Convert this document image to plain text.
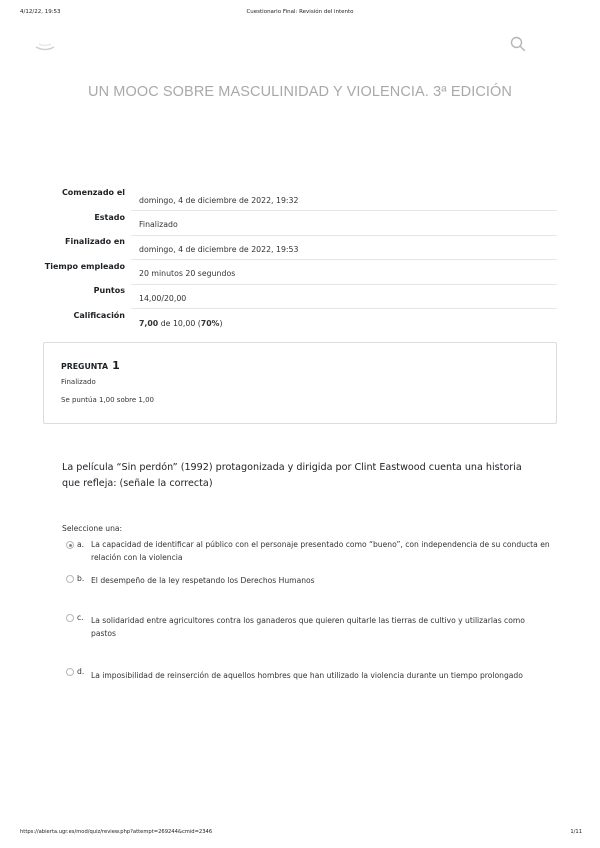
4/12/22, 19:53	Cuestionario Final: Revisión del intento
UN MOOC SOBRE MASCULINIDAD Y VIOLENCIA. 3ª EDICIÓN
Comenzado el	domingo, 4 de diciembre de 2022, 19:32
Estado	Finalizado
Finalizado en	domingo, 4 de diciembre de 2022, 19:53
Tiempo empleado	20 minutos 20 segundos
Puntos	14,00/20,00
Calificación	7,00 de 10,00 (70%)
PREGUNTA 1
Finalizado
Se puntúa 1,00 sobre 1,00
La película “Sin perdón” (1992) protagonizada y dirigida por Clint Eastwood cuenta una historia que refleja: (señale la correcta)
Seleccione una:
a. La capacidad de identificar al público con el personaje presentado como “bueno”, con independencia de su conducta en
relación con la violencia
b. El desempeño de la ley respetando los Derechos Humanos
c. La solidaridad entre agricultores contra los ganaderos que quieren quitarle las tierras de cultivo y utilizarlas como
pastos
d. La imposibilidad de reinserción de aquellos hombres que han utilizado la violencia durante un tiempo prolongado
https://abierta.ugr.es/mod/quiz/review.php?attempt=269244&cmid=2346	1/11
